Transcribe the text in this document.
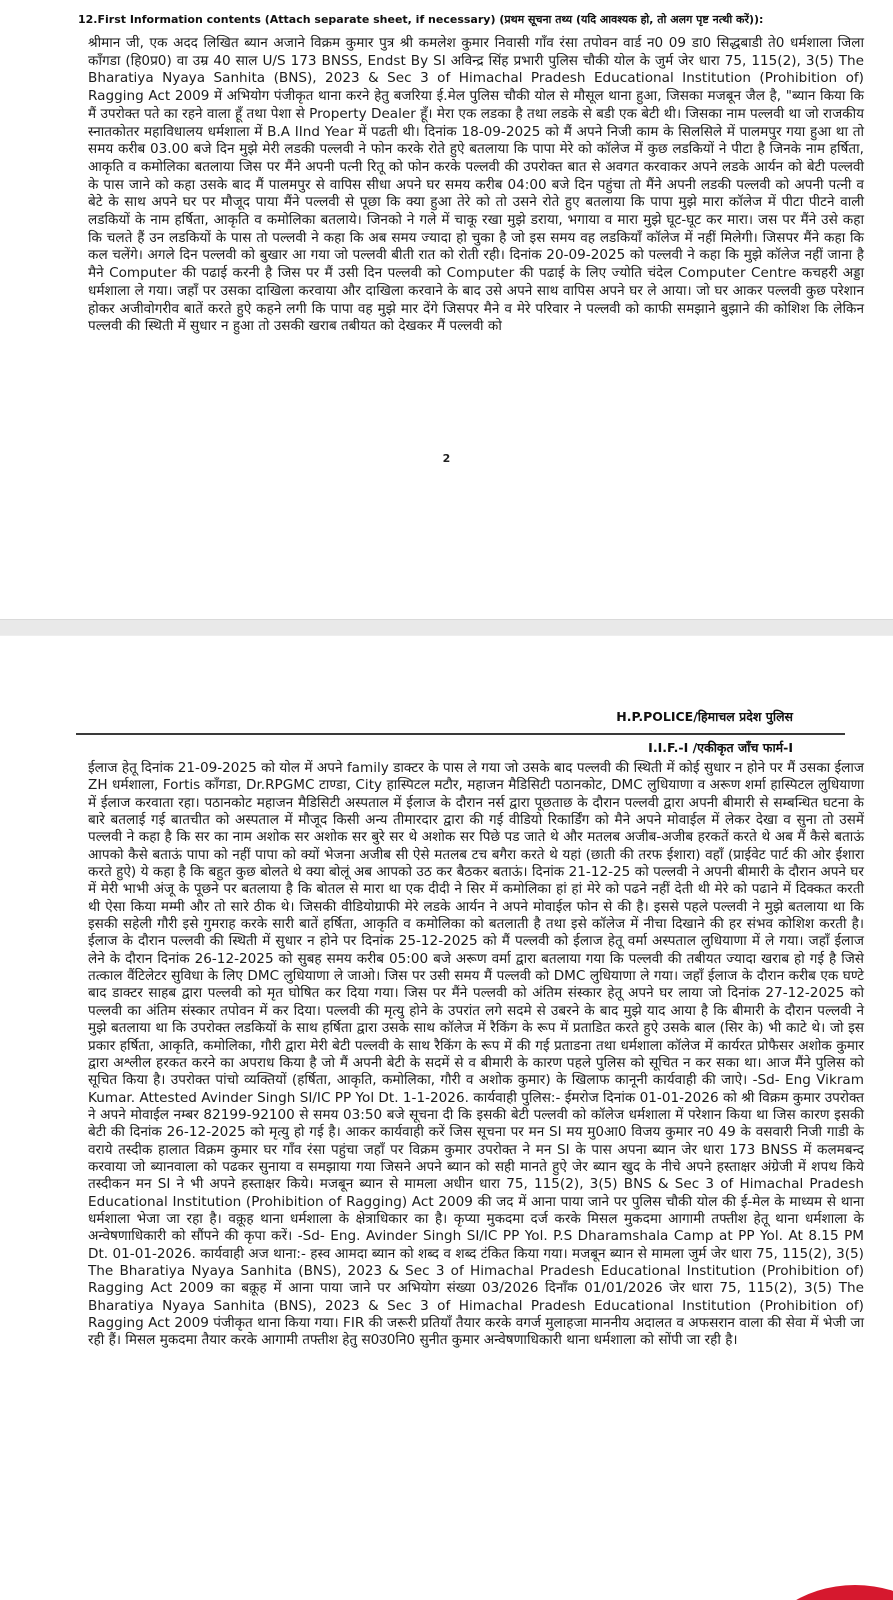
12.First Information contents (Attach separate sheet, if necessary) (प्रथम सूचना तथ्य (यदि आवश्यक हो, तो अलग पृष्ट नत्थी करें)):
श्रीमान जी, एक अदद लिखित ब्यान अजाने विक्रम कुमार पुत्र श्री कमलेश कुमार निवासी गाँव रंसा तपोवन वार्ड न0 09 डा0 सिद्धबाडी ते0 धर्मशाला जिला काँगडा (हि0प्र0) वा उम्र 40 साल U/S 173 BNSS, Endst By SI अविन्द्र सिंह प्रभारी पुलिस चौकी योल के जुर्म जेर धारा 75, 115(2), 3(5) The Bharatiya Nyaya Sanhita (BNS), 2023 & Sec 3 of Himachal Pradesh Educational Institution (Prohibition of) Ragging Act 2009 में अभियोग पंजीकृत थाना करने हेतु बजरिया ई.मेल पुलिस चौकी योल से मौसूल थाना हुआ, जिसका मजबून जैल है, "ब्यान किया कि मैं उपरोक्त पते का रहने वाला हूँ तथा पेशा से Property Dealer हूँ। मेरा एक लडका है तथा लडके से बडी एक बेटी थी। जिसका नाम पल्लवी था जो राजकीय स्नातकोतर महाविधालय धर्मशाला में B.A IInd Year में पढती थी। दिनांक 18-09-2025 को मैं अपने निजी काम के सिलसिले में पालमपुर गया हुआ था तो समय करीब 03.00 बजे दिन मुझे मेरी लडकी पल्लवी ने फोन करके रोते हुऐ बतलाया कि पापा मेरे को कॉलेज में कुछ लडकियों ने पीटा है जिनके नाम हर्षिता, आकृति व कमोलिका बतलाया जिस पर मैंने अपनी पत्नी रितू को फोन करके पल्लवी की उपरोक्त बात से अवगत करवाकर अपने लडके आर्यन को बेटी पल्लवी के पास जाने को कहा उसके बाद मैं पालमपुर से वापिस सीधा अपने घर समय करीब 04:00 बजे दिन पहुंचा तो मैंने अपनी लडकी पल्लवी को अपनी पत्नी व बेटे के साथ अपने घर पर मौजूद पाया मैंने पल्लवी से पूछा कि क्या हुआ तेरे को तो उसने रोते हुए बतलाया कि पापा मुझे मारा कॉलेज में पीटा पीटने वाली लडकियों के नाम हर्षिता, आकृति व कमोलिका बतलाये। जिनको ने गले में चाकू रखा मुझे डराया, भगाया व मारा मुझे घूट-घूट कर मारा। जस पर मैंने उसे कहा कि चलते हैं उन लडकियों के पास तो पल्लवी ने कहा कि अब समय ज्यादा हो चुका है जो इस समय वह लडकियाँ कॉलेज में नहीं मिलेगी। जिसपर मैंने कहा कि कल चलेंगे। अगले दिन पल्लवी को बुखार आ गया जो पल्लवी बीती रात को रोती रही। दिनांक 20-09-2025 को पल्लवी ने कहा कि मुझे कॉलेज नहीं जाना है मैने Computer की पढाई करनी है जिस पर मैं उसी दिन पल्लवी को Computer की पढाई के लिए ज्योति चंदेल Computer Centre कचहरी अड्डा धर्मशाला ले गया। जहाँ पर उसका दाखिला करवाया और दाखिला करवाने के बाद उसे अपने साथ वापिस अपने घर ले आया। जो घर आकर पल्लवी कुछ परेशान होकर अजीवोगरीव बातें करते हुऐ कहने लगी कि पापा वह मुझे मार देंगे जिसपर मैने व मेरे परिवार ने पल्लवी को काफी समझाने बुझाने की कोशिश कि लेकिन पल्लवी की स्थिती में सुधार न हुआ तो उसकी खराब तबीयत को देखकर मैं पल्लवी को
2
H.P.POLICE/हिमाचल प्रदेश पुलिस
I.I.F.-I /एकीकृत जाँच फार्म-I
ईलाज हेतू दिनांक 21-09-2025 को योल में अपने family डाक्टर के पास ले गया जो उसके बाद पल्लवी की स्थिती में कोई सुधार न होने पर मैं उसका ईलाज ZH धर्मशाला, Fortis काँगडा, Dr.RPGMC टाण्डा, City हास्पिटल मटौर, महाजन मैडिसिटी पठानकोट, DMC लुधियाणा व अरूण शर्मा हास्पिटल लुधियाणा में ईलाज करवाता रहा। पठानकोट महाजन मैडिसिटी अस्पताल में ईलाज के दौरान नर्स द्वारा पूछताछ के दौरान पल्लवी द्वारा अपनी बीमारी से सम्बन्धित घटना के बारे बतलाई गई बातचीत को अस्पताल में मौजूद किसी अन्य तीमारदार द्वारा की गई वीडियो रिकार्डिंग को मैने अपने मोवाईल में लेकर देखा व सुना तो उसमें पल्लवी ने कहा है कि सर का नाम अशोक सर अशोक सर बुरे सर थे अशोक सर पिछे पड जाते थे और मतलब अजीब-अजीब हरकतें करते थे अब मैं कैसे बताऊं आपको कैसे बताऊं पापा को नहीं पापा को क्यों भेजना अजीब सी ऐसे मतलब टच बगैरा करते थे यहां (छाती की तरफ ईशारा) वहाँ (प्राईवेट पार्ट की ओर ईशारा करते हुऐ) ये कहा है कि बहुत कुछ बोलते थे क्या बोलूं अब आपको उठ कर बैठकर बताऊं। दिनांक 21-12-25 को पल्लवी ने अपनी बीमारी के दौरान अपने घर में मेरी भाभी अंजू के पूछने पर बतलाया है कि बोतल से मारा था एक दीदी ने सिर में कमोलिका हां हां मेरे को पढने नहीं देती थी मेरे को पढाने में दिक्कत करती थी ऐसा किया मम्मी और तो सारे ठीक थे। जिसकी वीडियोग्राफी मेरे लडके आर्यन ने अपने मोवाईल फोन से की है। इससे पहले पल्लवी ने मुझे बतलाया था कि इसकी सहेली गौरी इसे गुमराह करके सारी बातें हर्षिता, आकृति व कमोलिका को बतलाती है तथा इसे कॉलेज में नीचा दिखाने की हर संभव कोशिश करती है। ईलाज के दौरान पल्लवी की स्थिती में सुधार न होने पर दिनांक 25-12-2025 को मैं पल्लवी को ईलाज हेतू वर्मा अस्पताल लुधियाणा में ले गया। जहाँ ईलाज लेने के दौरान दिनांक 26-12-2025 को सुबह समय करीब 05:00 बजे अरूण वर्मा द्वारा बतलाया गया कि पल्लवी की तबीयत ज्यादा खराब हो गई है जिसे तत्काल वैंटिलेटर सुविधा के लिए DMC लुधियाणा ले जाओ। जिस पर उसी समय मैं पल्लवी को DMC लुधियाणा ले गया। जहाँ ईलाज के दौरान करीब एक घण्टे बाद डाक्टर साहब द्वारा पल्लवी को मृत घोषित कर दिया गया। जिस पर मैंने पल्लवी को अंतिम संस्कार हेतू अपने घर लाया जो दिनांक 27-12-2025 को पल्लवी का अंतिम संस्कार तपोवन में कर दिया। पल्लवी की मृत्यु होने के उपरांत लगे सदमे से उबरने के बाद मुझे याद आया है कि बीमारी के दौरान पल्लवी ने मुझे बतलाया था कि उपरोक्त लडकियों के साथ हर्षिता द्वारा उसके साथ कॉलेज में रैकिंग के रूप में प्रताडित करते हुऐ उसके बाल (सिर के) भी काटे थे। जो इस प्रकार हर्षिता, आकृति, कमोलिका, गौरी द्वारा मेरी बेटी पल्लवी के साथ रैकिंग के रूप में की गई प्रताडना तथा धर्मशाला कॉलेज में कार्यरत प्रोफैसर अशोक कुमार द्वारा अश्लील हरकत करने का अपराध किया है जो मैं अपनी बेटी के सदमें से व बीमारी के कारण पहले पुलिस को सूचित न कर सका था। आज मैंने पुलिस को सूचित किया है। उपरोक्त पांचो व्यक्तियों (हर्षिता, आकृति, कमोलिका, गौरी व अशोक कुमार) के खिलाफ कानूनी कार्यवाही की जाऐ। -Sd- Eng Vikram Kumar. Attested Avinder Singh SI/IC PP Yol Dt. 1-1-2026. कार्यवाही पुलिस:- ईमरोज दिनांक 01-01-2026 को श्री विक्रम कुमार उपरोक्त ने अपने मोवाईल नम्बर 82199-92100 से समय 03:50 बजे सूचना दी कि इसकी बेटी पल्लवी को कॉलेज धर्मशाला में परेशान किया था जिस कारण इसकी बेटी की दिनांक 26-12-2025 को मृत्यु हो गई है। आकर कार्यवाही करें जिस सूचना पर मन SI मय मु0आ0 विजय कुमार न0 49 के वसवारी निजी गाडी के वराये तस्दीक हालात विक्रम कुमार घर गाँव रंसा पहुंचा जहाँ पर विक्रम कुमार उपरोक्त ने मन SI के पास अपना ब्यान जेर धारा 173 BNSS में कलमबन्द करवाया जो ब्यानवाला को पढकर सुनाया व समझाया गया जिसने अपने ब्यान को सही मानते हुऐ जेर ब्यान खुद के नीचे अपने हस्ताक्षर अंग्रेजी में शपथ किये तस्दीकन मन SI ने भी अपने हस्ताक्षर किये। मजबून ब्यान से मामला अधीन धारा 75, 115(2), 3(5) BNS & Sec 3 of Himachal Pradesh Educational Institution (Prohibition of Ragging) Act 2009 की जद में आना पाया जाने पर पुलिस चौकी योल की ई-मेल के माध्यम से थाना धर्मशाला भेजा जा रहा है। वक़ूह थाना धर्मशाला के क्षेत्राधिकार का है। कृप्या मुकदमा दर्ज करके मिसल मुकदमा आगामी तफ्तीश हेतू थाना धर्मशाला के अन्वेषणाधिकारी को सौंपने की कृपा करें। -Sd- Eng. Avinder Singh SI/IC PP Yol. P.S Dharamshala Camp at PP Yol. At 8.15 PM Dt. 01-01-2026. कार्यवाही अज थाना:- हस्व आमदा ब्यान को शब्द व शब्द टंकित किया गया। मजबून ब्यान से मामला जुर्म जेर धारा 75, 115(2), 3(5) The Bharatiya Nyaya Sanhita (BNS), 2023 & Sec 3 of Himachal Pradesh Educational Institution (Prohibition of) Ragging Act 2009 का बक़ूह में आना पाया जाने पर अभियोग संख्या 03/2026 दिनाँक 01/01/2026 जेर धारा 75, 115(2), 3(5) The Bharatiya Nyaya Sanhita (BNS), 2023 & Sec 3 of Himachal Pradesh Educational Institution (Prohibition of) Ragging Act 2009 पंजीकृत थाना किया गया। FIR की जरूरी प्रतियाँ तैयार करके वगर्ज मुलाहजा माननीय अदालत व अफसरान वाला की सेवा में भेजी जा रही हैं। मिसल मुकदमा तैयार करके आगामी तफ्तीश हेतु स0उ0नि0 सुनीत कुमार अन्वेषणाधिकारी थाना धर्मशाला को सोंपी जा रही है।
